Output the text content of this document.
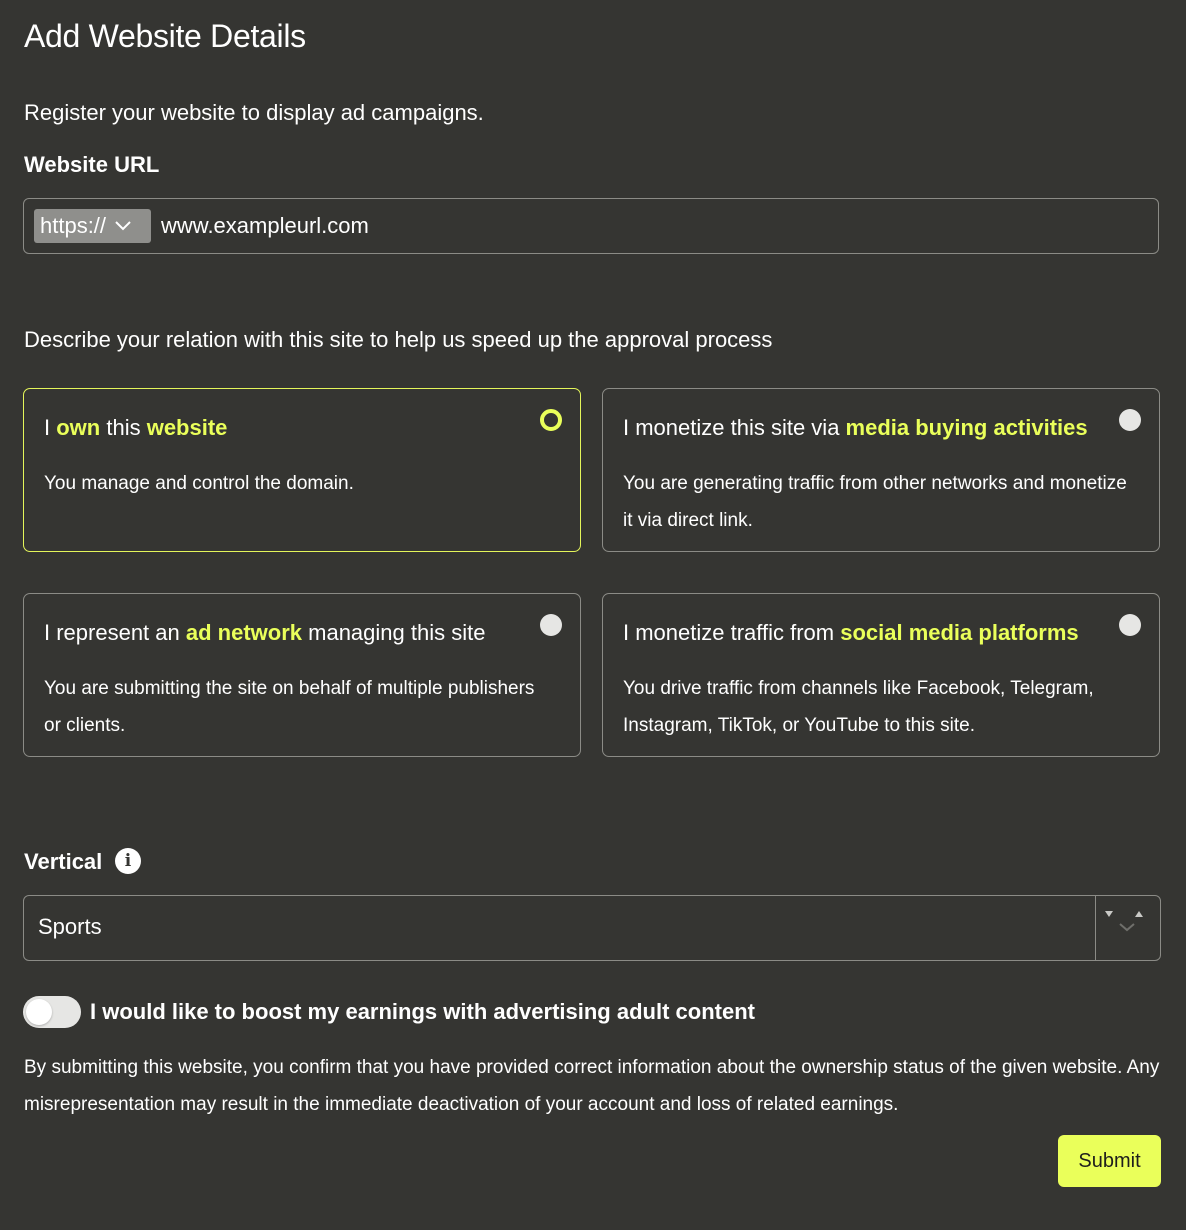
Add Website Details
Register your website to display ad campaigns.
Website URL
https://
www.exampleurl.com
Describe your relation with this site to help us speed up the approval process
I own this website
You manage and control the domain.
I monetize this site via media buying activities
You are generating traffic from other networks and monetize it via direct link.
I represent an ad network managing this site
You are submitting the site on behalf of multiple publishers or clients.
I monetize traffic from social media platforms
You drive traffic from channels like Facebook, Telegram, Instagram, TikTok, or YouTube to this site.
Vertical	i
Sports
I would like to boost my earnings with advertising adult content
By submitting this website, you confirm that you have provided correct information about the ownership status of the given website. Any misrepresentation may result in the immediate deactivation of your account and loss of related earnings.
Submit
